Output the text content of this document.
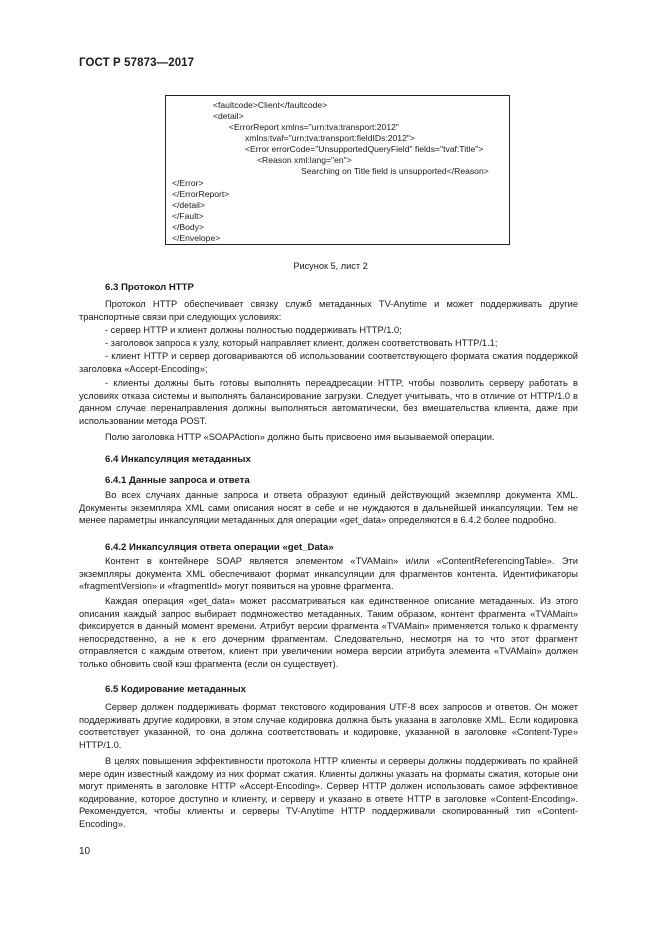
ГОСТ Р 57873—2017
<faultcode>Client</faultcode>
<detail>
<ErrorReport xmlns="urn:tva:transport:2012"
xmlns:tvaf="urn:tva:transport:fieldIDs:2012">
<Error errorCode="UnsupportedQueryField" fields="tvaf:Title">
<Reason xml:lang="en">
Searching on Title field is unsupported</Reason>
</Error>
</ErrorReport>
</detail>
</Fault>
</Body>
</Envelope>
Рисунок 5, лист 2
6.3 Протокол HTTP
Протокол HTTP обеспечивает связку служб метаданных TV-Anytime и может поддерживать другие транспортные связи при следующих условиях:
- сервер HTTP и клиент должны полностью поддерживать HTTP/1.0;
- заголовок запроса к узлу, который направляет клиент, должен соответствовать HTTP/1.1;
- клиент HTTP и сервер договариваются об использовании соответствующего формата сжатия поддержкой заголовка «Accept-Encoding»;
- клиенты должны быть готовы выполнять переадресации HTTP, чтобы позволить серверу работать в условиях отказа системы и выполнять балансирование загрузки. Следует учитывать, что в отличие от HTTP/1.0 в данном случае перенаправления должны выполняться автоматически, без вмешательства клиента, даже при использовании метода POST.
Полю заголовка HTTP «SOAPAction» должно быть присвоено имя вызываемой операции.
6.4 Инкапсуляция метаданных
6.4.1 Данные запроса и ответа
Во всех случаях данные запроса и ответа образуют единый действующий экземпляр документа XML. Документы экземпляра XML сами описания носят в себе и не нуждаются в дальнейшей инкапсуляции. Тем не менее параметры инкапсуляции метаданных для операции «get_data» определяются в 6.4.2 более подробно.
6.4.2 Инкапсуляция ответа операции «get_Data»
Контент в контейнере SOAP является элементом «TVAMain» и/или «ContentReferencingTable». Эти экземпляры документа XML обеспечивают формат инкапсуляции для фрагментов контента. Идентификаторы «fragmentVersion» и «fragmentId» могут появиться на уровне фрагмента.
Каждая операция «get_data» может рассматриваться как единственное описание метаданных. Из этого описания каждый запрос выбирает подмножество метаданных. Таким образом, контент фрагмента «TVAMain» фиксируется в данный момент времени. Атрибут версии фрагмента «TVAMain» применяется только к фрагменту непосредственно, а не к его дочерним фрагментам. Следовательно, несмотря на то что этот фрагмент отправляется с каждым ответом, клиент при увеличении номера версии атрибута элемента «TVAMain» должен только обновить свой кэш фрагмента (если он существует).
6.5 Кодирование метаданных
Сервер должен поддерживать формат текстового кодирования UTF-8 всех запросов и ответов. Он может поддерживать другие кодировки, в этом случае кодировка должна быть указана в заголовке XML. Если кодировка соответствует указанной, то она должна соответствовать и кодировке, указанной в заголовке «Content-Type» HTTP/1.0.
В целях повышения эффективности протокола HTTP клиенты и серверы должны поддерживать по крайней мере один известный каждому из них формат сжатия. Клиенты должны указать на форматы сжатия, которые они могут применять в заголовке HTTP «Accept-Encoding». Сервер HTTP должен использовать самое эффективное кодирование, которое доступно и клиенту, и серверу и указано в ответе HTTP в заголовке «Content-Encoding». Рекомендуется, чтобы клиенты и серверы TV-Anytime HTTP поддерживали скопированный тип «Content-Encoding».
10
